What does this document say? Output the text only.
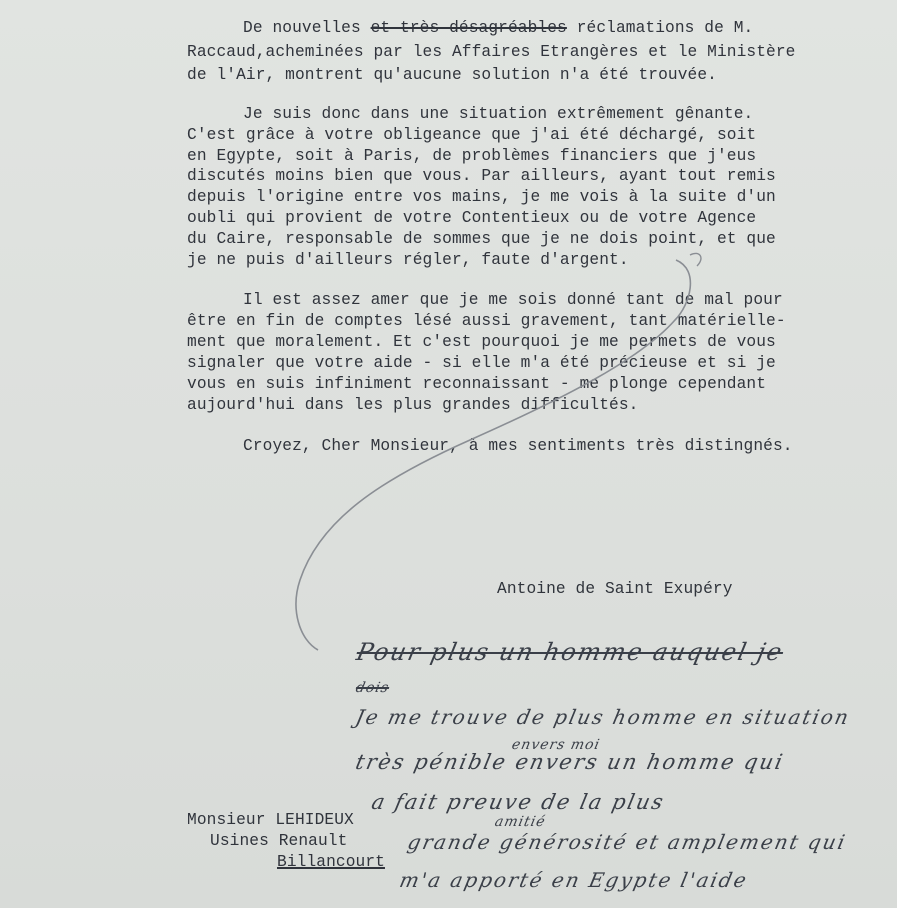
De nouvelles et très désagréables réclamations de M.
Raccaud,acheminées par les Affaires Etrangères et le Ministère
de l'Air, montrent qu'aucune solution n'a été trouvée.
Je suis donc dans une situation extrêmement gênante.
C'est grâce à votre obligeance que j'ai été déchargé, soit
en Egypte, soit à Paris, de problèmes financiers que j'eus
discutés moins bien que vous. Par ailleurs, ayant tout remis
depuis l'origine entre vos mains, je me vois à la suite d'un
oubli qui provient de votre Contentieux ou de votre Agence
du Caire, responsable de sommes que je ne dois point, et que
je ne puis d'ailleurs régler, faute d'argent.
Il est assez amer que je me sois donné tant de mal pour
être en fin de comptes lésé aussi gravement, tant matérielle-
ment que moralement. Et c'est pourquoi je me permets de vous
signaler que votre aide - si elle m'a été précieuse et si je
vous en suis infiniment reconnaissant - me plonge cependant
aujourd'hui dans les plus grandes difficultés.
Croyez, Cher Monsieur, à mes sentiments très distingnés.
Antoine de Saint Exupéry
Monsieur LEHIDEUX
Usines Renault
Billancourt
Pour plus un homme auquel je
dois
Je me trouve de plus homme en situation
envers moi
très pénible envers un homme qui
amitié
a fait preuve de la plus
grande générosité et amplement qui
m'a apporté en Egypte l'aide
